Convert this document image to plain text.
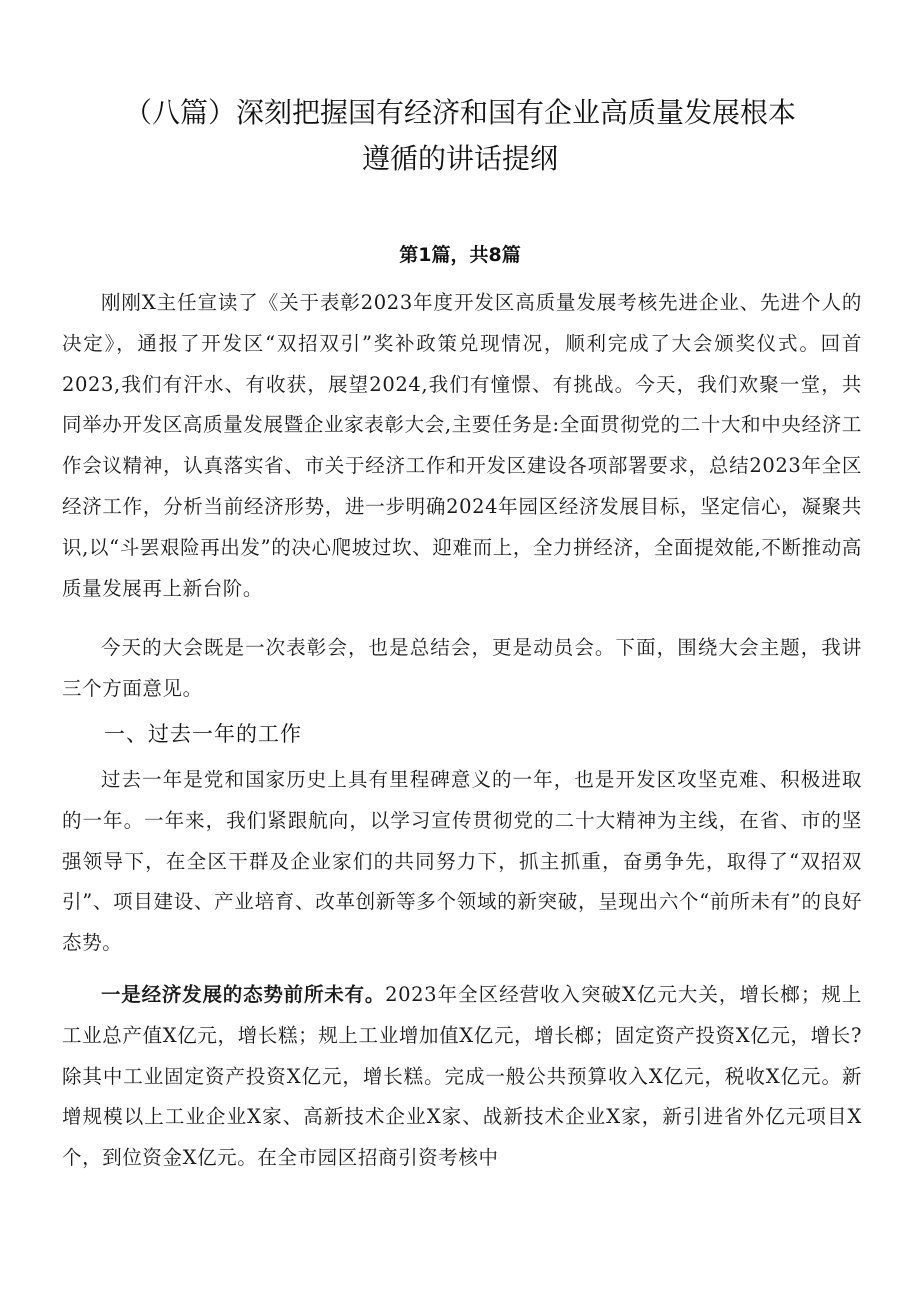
（八篇）深刻把握国有经济和国有企业高质量发展根本
遵循的讲话提纲
第1篇，共8篇

刚刚X主任宣读了《关于表彰2023年度开发区高质量发展考核先进企业、先进个人的决定》，通报了开发区“双招双引”奖补政策兑现情况，顺利完成了大会颁奖仪式。回首2023,我们有汗水、有收获，展望2024,我们有憧憬、有挑战。今天，我们欢聚一堂，共同举办开发区高质量发展暨企业家表彰大会,主要任务是:全面贯彻党的二十大和中央经济工作会议精神，认真落实省、市关于经济工作和开发区建设各项部署要求，总结2023年全区经济工作，分析当前经济形势，进一步明确2024年园区经济发展目标，坚定信心，凝聚共识,以“斗罢艰险再出发”的决心爬坡过坎、迎难而上，全力拼经济，全面提效能,不断推动高质量发展再上新台阶。

今天的大会既是一次表彰会，也是总结会，更是动员会。下面，围绕大会主题，我讲三个方面意见。

一、过去一年的工作

过去一年是党和国家历史上具有里程碑意义的一年，也是开发区攻坚克难、积极进取的一年。一年来，我们紧跟航向，以学习宣传贯彻党的二十大精神为主线，在省、市的坚强领导下，在全区干群及企业家们的共同努力下，抓主抓重，奋勇争先，取得了“双招双引”、项目建设、产业培育、改革创新等多个领域的新突破，呈现出六个“前所未有”的良好态势。

一是经济发展的态势前所未有。2023年全区经营收入突破X亿元大关，增长榔；规上工业总产值X亿元，增长糕；规上工业增加值X亿元，增长榔；固定资产投资X亿元，增长?除其中工业固定资产投资X亿元，增长糕。完成一般公共预算收入X亿元，税收X亿元。新增规模以上工业企业X家、高新技术企业X家、战新技术企业X家，新引进省外亿元项目X个，到位资金X亿元。在全市园区招商引资考核中
